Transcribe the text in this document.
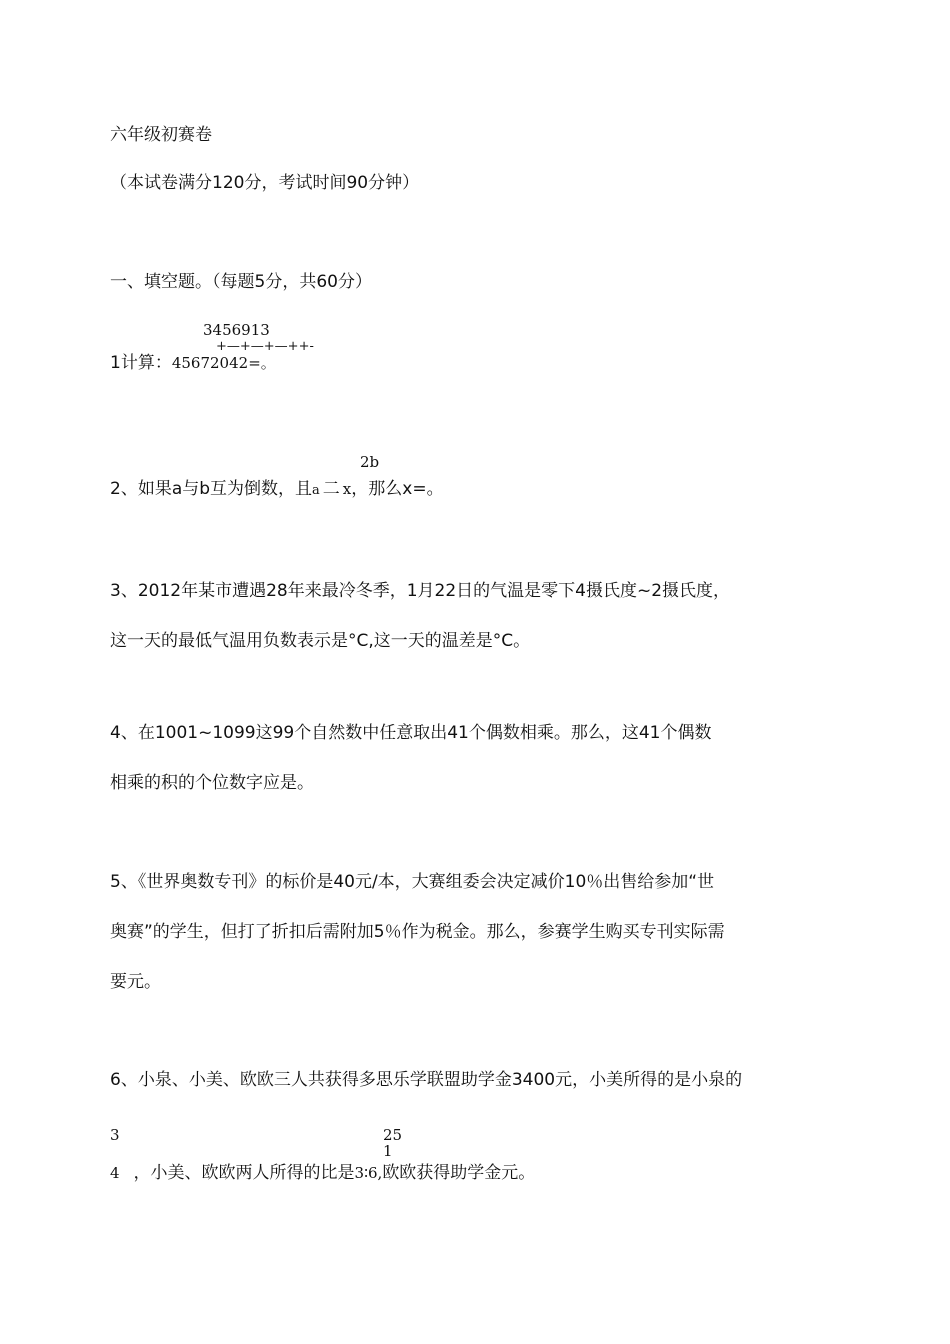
六年级初赛卷
（本试卷满分120分，考试时间90分钟）
一、填空题。（每题5分，共60分）
3456913
+—+—+—++-
1计算：45672042=。
2b
2、如果a与b互为倒数，且a 二 x，那么x=。
3、2012年某市遭遇28年来最冷冬季，1月22日的气温是零下4摄氏度~2摄氏度，
这一天的最低气温用负数表示是°C,这一天的温差是°C。
4、在1001~1099这99个自然数中任意取出41个偶数相乘。那么，这41个偶数
相乘的积的个位数字应是。
5、《世界奥数专刊》的标价是40元/本，大赛组委会决定减价10％出售给参加“世
奥赛”的学生，但打了折扣后需附加5％作为税金。那么，参赛学生购买专刊实际需
要元。
6、小泉、小美、欧欧三人共获得多思乐学联盟助学金3400元，小美所得的是小泉的
3	25
1
4 ，小美、欧欧两人所得的比是3∶6,欧欧获得助学金元。
